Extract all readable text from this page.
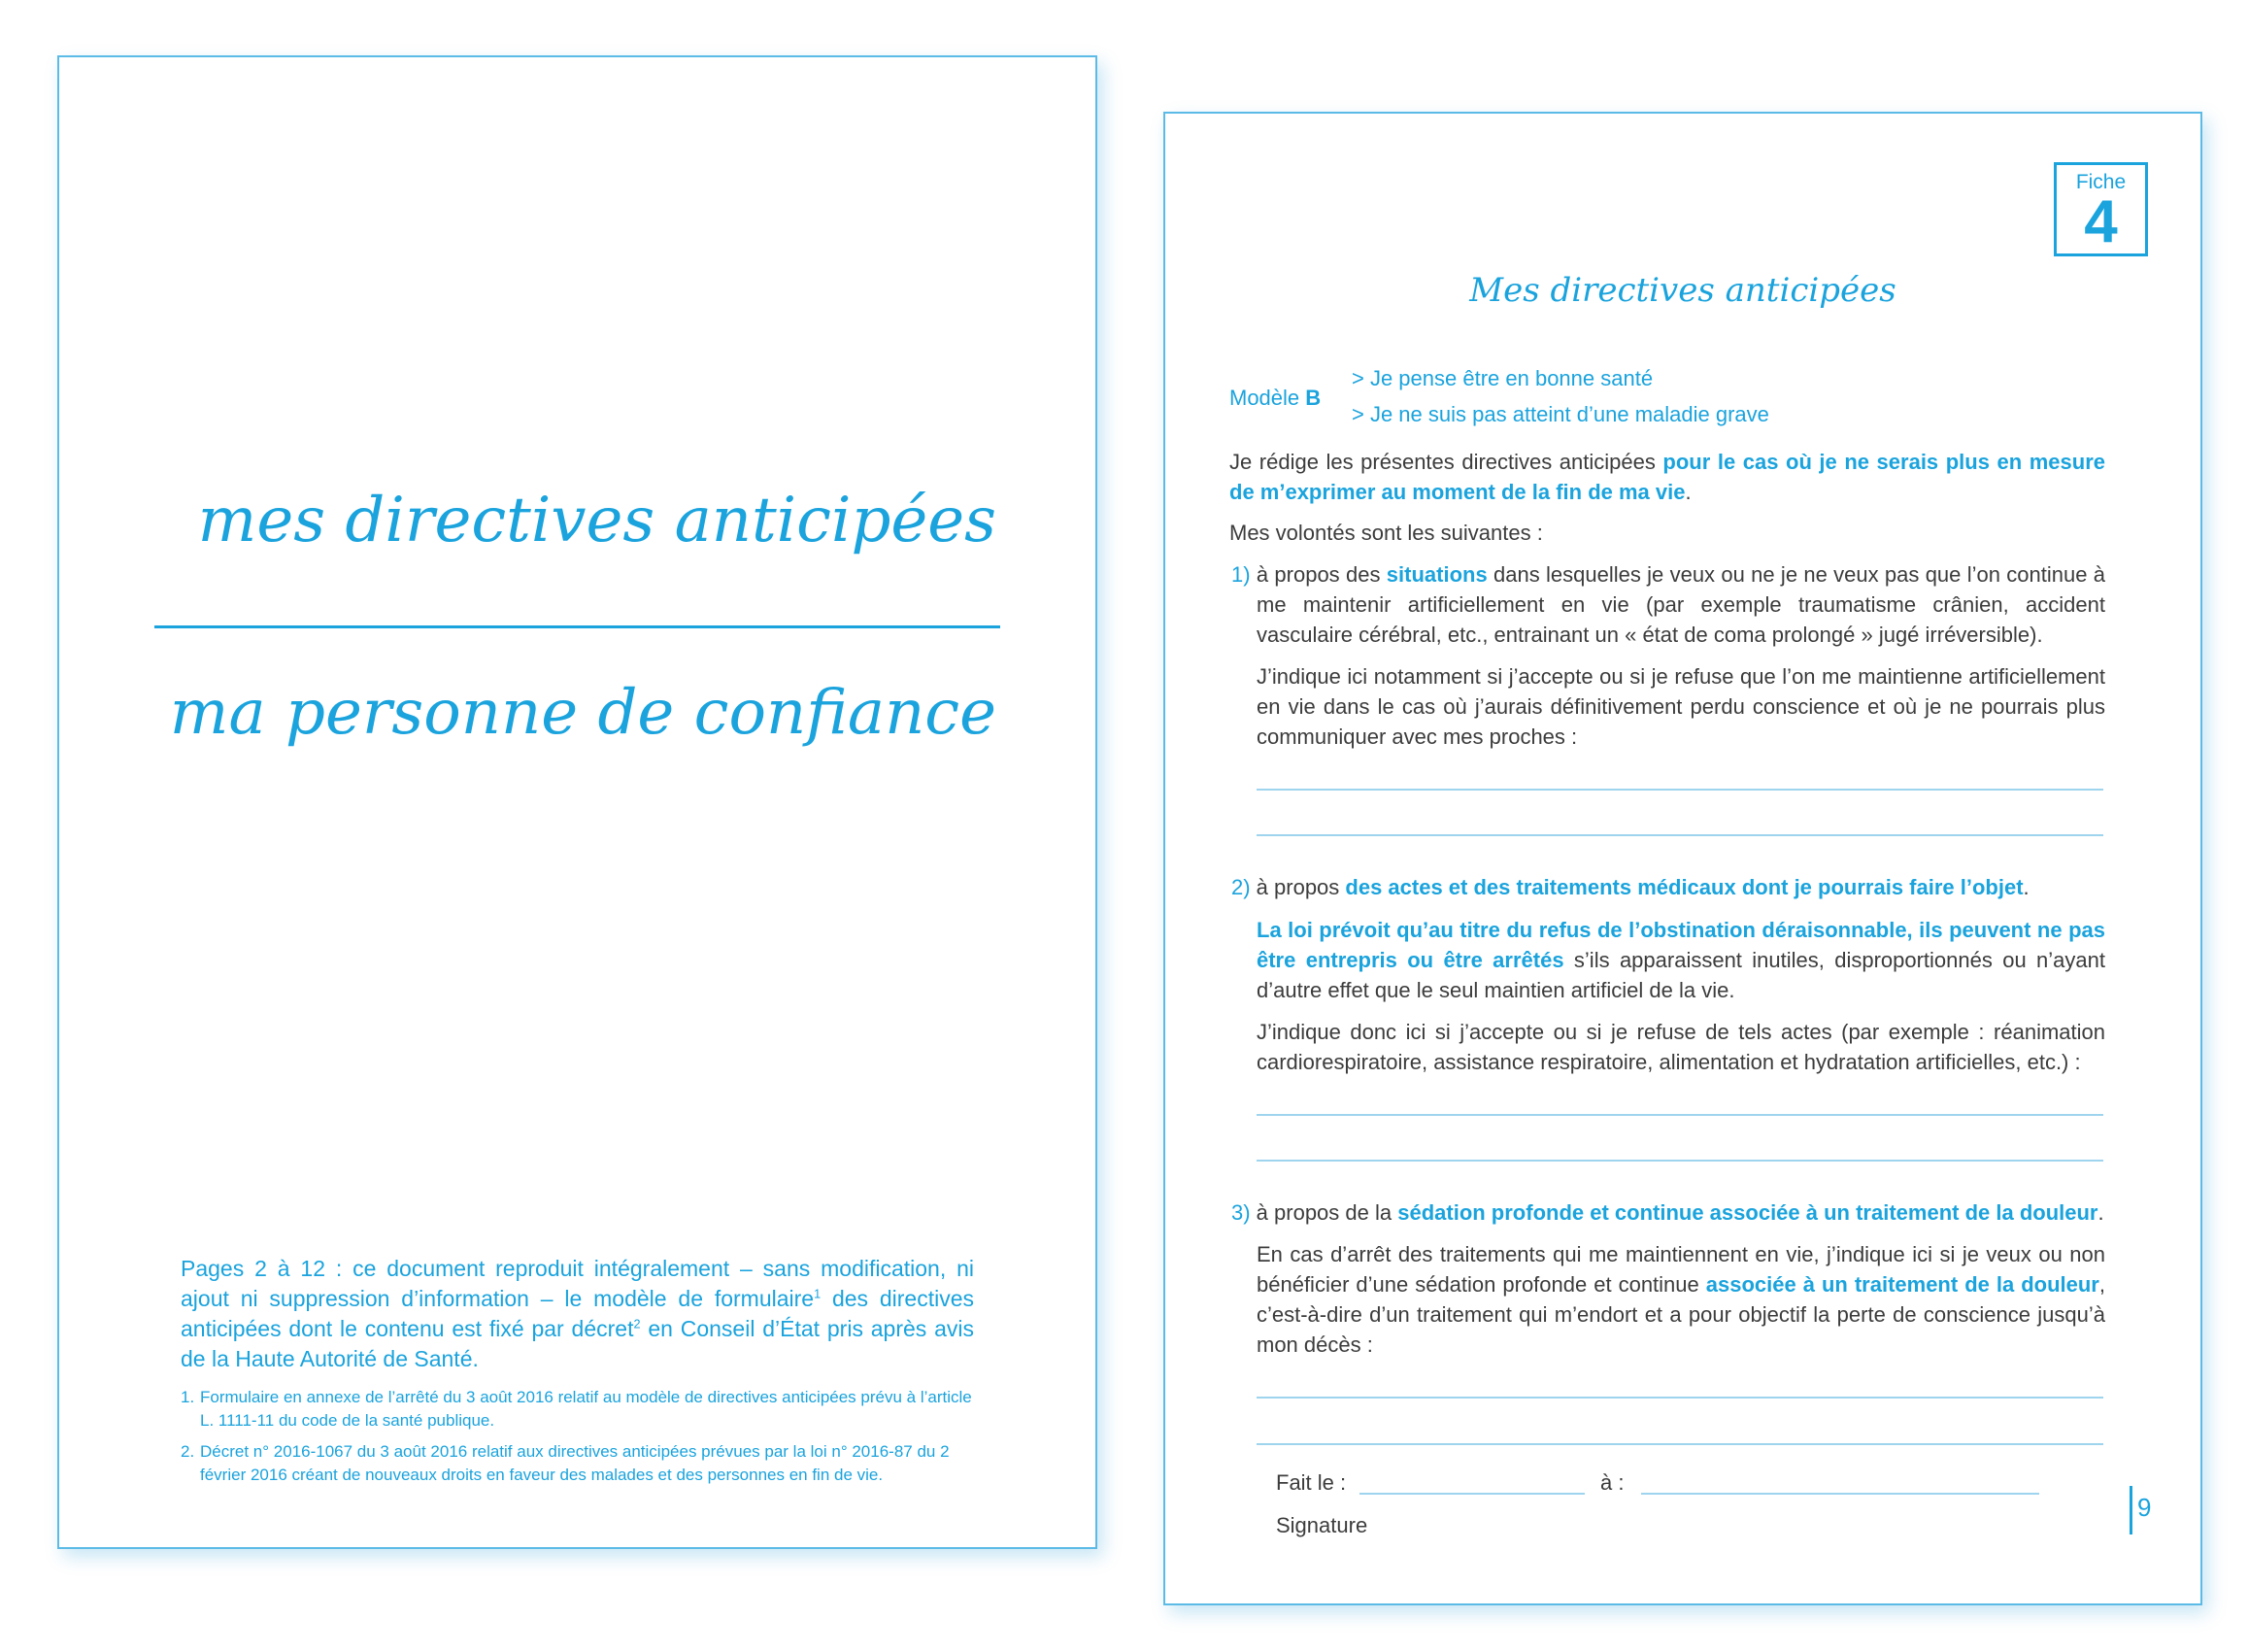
mes directives anticipées
ma personne de confiance
Pages 2 à 12 : ce document reproduit intégralement – sans modification, ni ajout ni suppression d’information – le modèle de formulaire$^1$ des directives anticipées dont le contenu est fixé par décret$^2$ en Conseil d’État pris après avis de la Haute Autorité de Santé.
1. Formulaire en annexe de l’arrêté du 3 août 2016 relatif au modèle de directives anticipées prévu à l’article L. 1111-11 du code de la santé publique.
2. Décret n° 2016-1067 du 3 août 2016 relatif aux directives anticipées prévues par la loi n° 2016-87 du 2 février 2016 créant de nouveaux droits en faveur des malades et des personnes en fin de vie.
Fiche
4
Mes directives anticipées
Modèle B
> Je pense être en bonne santé
> Je ne suis pas atteint d’une maladie grave
Je rédige les présentes directives anticipées pour le cas où je ne serais plus en mesure de m’exprimer au moment de la fin de ma vie.
Mes volontés sont les suivantes :
1) à propos des situations dans lesquelles je veux ou ne je ne veux pas que l’on continue à me maintenir artificiellement en vie (par exemple traumatisme crânien, accident vasculaire cérébral, etc., entrainant un « état de coma prolongé » jugé irréversible).
J’indique ici notamment si j’accepte ou si je refuse que l’on me maintienne artificiellement en vie dans le cas où j’aurais définitivement perdu conscience et où je ne pourrais plus communiquer avec mes proches :
2) à propos des actes et des traitements médicaux dont je pourrais faire l’objet.
La loi prévoit qu’au titre du refus de l’obstination déraisonnable, ils peuvent ne pas être entrepris ou être arrêtés s’ils apparaissent inutiles, disproportionnés ou n’ayant d’autre effet que le seul maintien artificiel de la vie.
J’indique donc ici si j’accepte ou si je refuse de tels actes (par exemple : réanimation cardiorespiratoire, assistance respiratoire, alimentation et hydratation artificielles, etc.) :
3) à propos de la sédation profonde et continue associée à un traitement de la douleur.
En cas d’arrêt des traitements qui me maintiennent en vie, j’indique ici si je veux ou non bénéficier d’une sédation profonde et continue associée à un traitement de la douleur, c’est-à-dire d’un traitement qui m’endort et a pour objectif la perte de conscience jusqu’à mon décès :
Fait le :	à :
Signature
9
